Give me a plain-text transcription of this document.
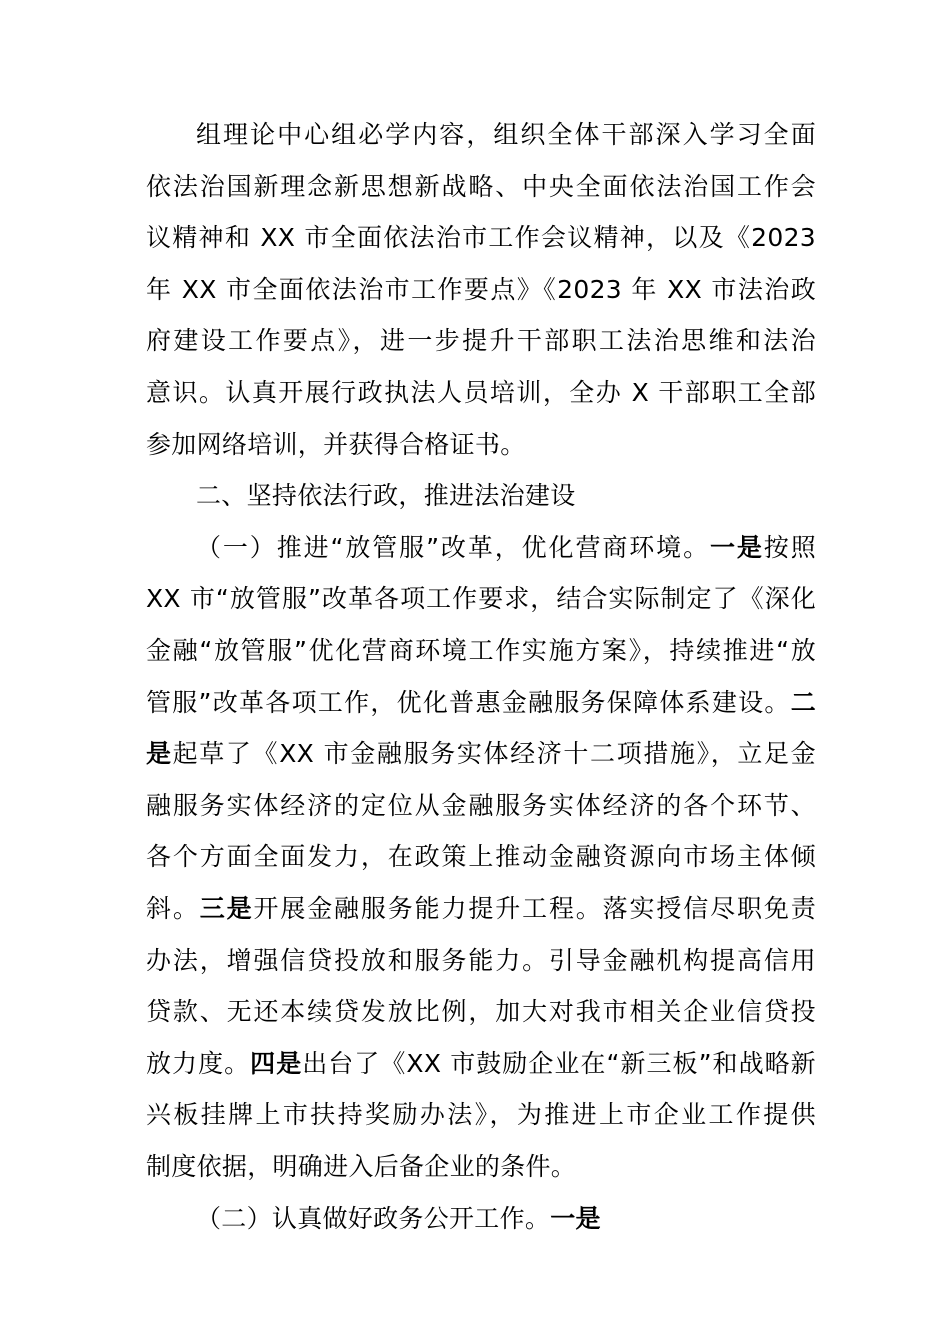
组理论中心组必学内容，组织全体干部深入学习全面
依法治国新理念新思想新战略、中央全面依法治国工作会
议精神和 XX 市全面依法治市工作会议精神，以及《2023
年 XX 市全面依法治市工作要点》《2023 年 XX 市法治政
府建设工作要点》，进一步提升干部职工法治思维和法治
意识。认真开展行政执法人员培训，全办 X 干部职工全部
参加网络培训，并获得合格证书。
二、坚持依法行政，推进法治建设
（一）推进“放管服”改革，优化营商环境。一是按照
XX 市“放管服”改革各项工作要求，结合实际制定了《深化
金融“放管服”优化营商环境工作实施方案》，持续推进“放
管服”改革各项工作，优化普惠金融服务保障体系建设。二
是起草了《XX 市金融服务实体经济十二项措施》，立足金
融服务实体经济的定位从金融服务实体经济的各个环节、
各个方面全面发力，在政策上推动金融资源向市场主体倾
斜。三是开展金融服务能力提升工程。落实授信尽职免责
办法，增强信贷投放和服务能力。引导金融机构提高信用
贷款、无还本续贷发放比例，加大对我市相关企业信贷投
放力度。四是出台了《XX 市鼓励企业在“新三板”和战略新
兴板挂牌上市扶持奖励办法》，为推进上市企业工作提供
制度依据，明确进入后备企业的条件。
（二）认真做好政务公开工作。一是
